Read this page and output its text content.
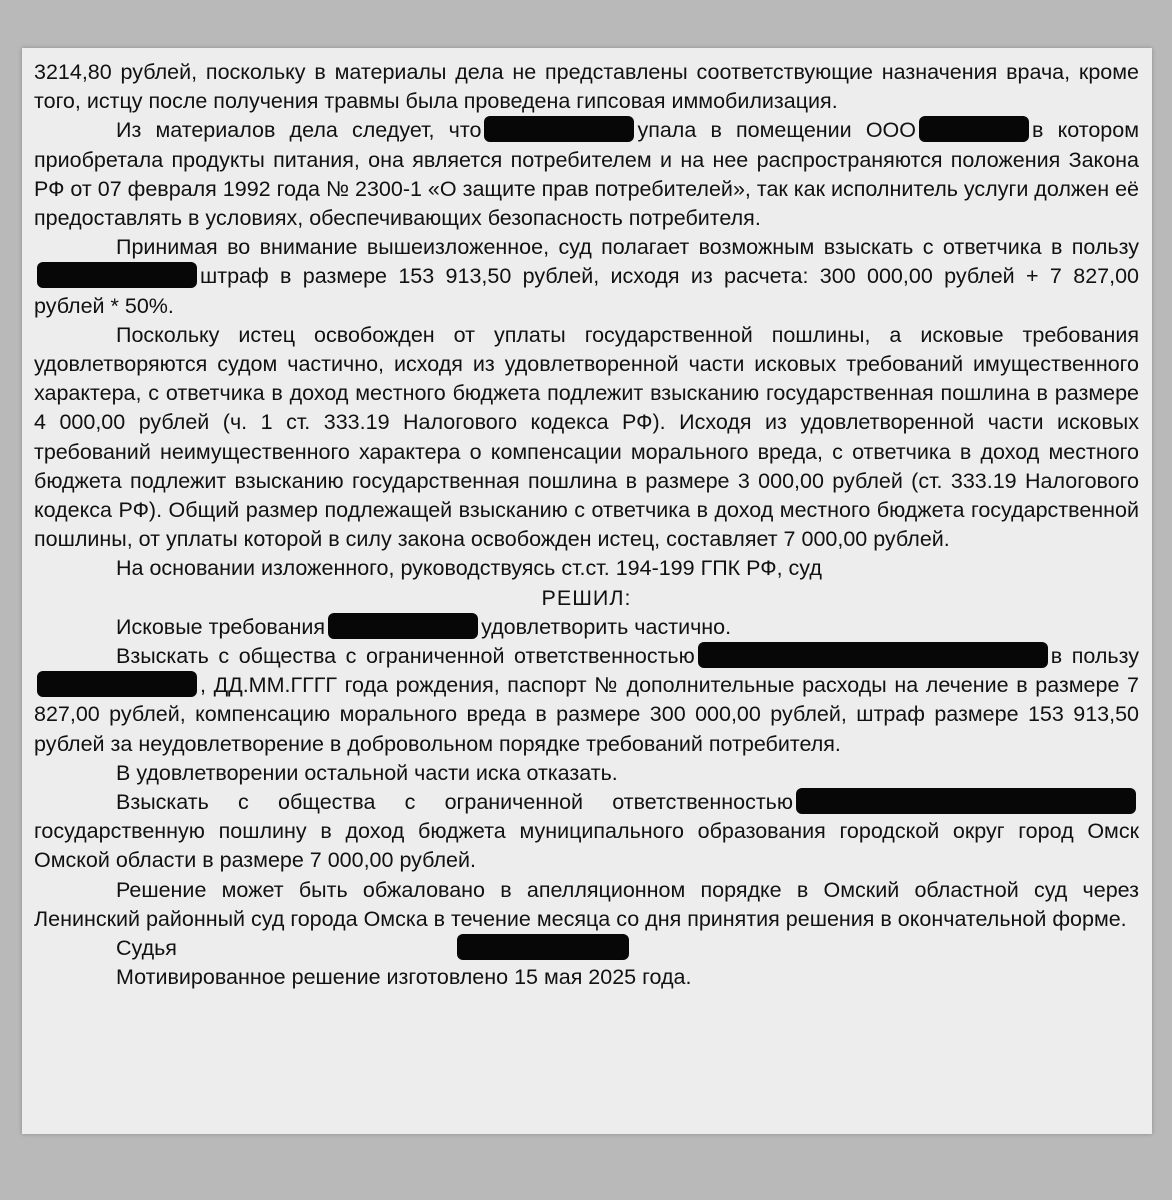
3214,80 рублей, поскольку в материалы дела не представлены соответствующие назначения врача, кроме того, истцу после получения травмы была проведена гипсовая иммобилизация.

Из материалов дела следует, что	упала в помещении ООО	в котором приобретала продукты питания, она является потребителем и на нее распространяются положения Закона РФ от 07 февраля 1992 года № 2300-1 «О защите прав потребителей», так как исполнитель услуги должен её предоставлять в условиях, обеспечивающих безопасность потребителя.

Принимая во внимание вышеизложенное, суд полагает возможным взыскать с ответчика в пользуштраф в размере 153 913,50 рублей, исходя из расчета: 300 000,00 рублей + 7 827,00 рублей * 50%.

Поскольку истец освобожден от уплаты государственной пошлины, а исковые требования удовлетворяются судом частично, исходя из удовлетворенной части исковых требований имущественного характера, с ответчика в доход местного бюджета подлежит взысканию государственная пошлина в размере 4 000,00 рублей (ч. 1 ст. 333.19 Налогового кодекса РФ). Исходя из удовлетворенной части исковых требований неимущественного характера о компенсации морального вреда, с ответчика в доход местного бюджета подлежит взысканию государственная пошлина в размере 3 000,00 рублей (ст. 333.19 Налогового кодекса РФ). Общий размер подлежащей взысканию с ответчика в доход местного бюджета государственной пошлины, от уплаты которой в силу закона освобожден истец, составляет 7 000,00 рублей.

На основании изложенного, руководствуясь ст.ст. 194-199 ГПК РФ, суд

РЕШИЛ:

Исковые требования	удовлетворить частично.

Взыскать с общества с ограниченной ответственностью	в пользу, ДД.ММ.ГГГГ года рождения, паспорт № дополнительные расходы на лечение в размере 7 827,00 рублей, компенсацию морального вреда в размере 300 000,00 рублей, штраф размере 153 913,50 рублей за неудовлетворение в добровольном порядке требований потребителя.

В удовлетворении остальной части иска отказать.

Взыскать с общества с ограниченной ответственностьюгосударственную пошлину в доход бюджета муниципального образования городской округ город Омск Омской области в размере 7 000,00 рублей.

Решение может быть обжаловано в апелляционном порядке в Омский областной суд через Ленинский районный суд города Омска в течение месяца со дня принятия решения в окончательной форме.

Судья

Мотивированное решение изготовлено 15 мая 2025 года.
